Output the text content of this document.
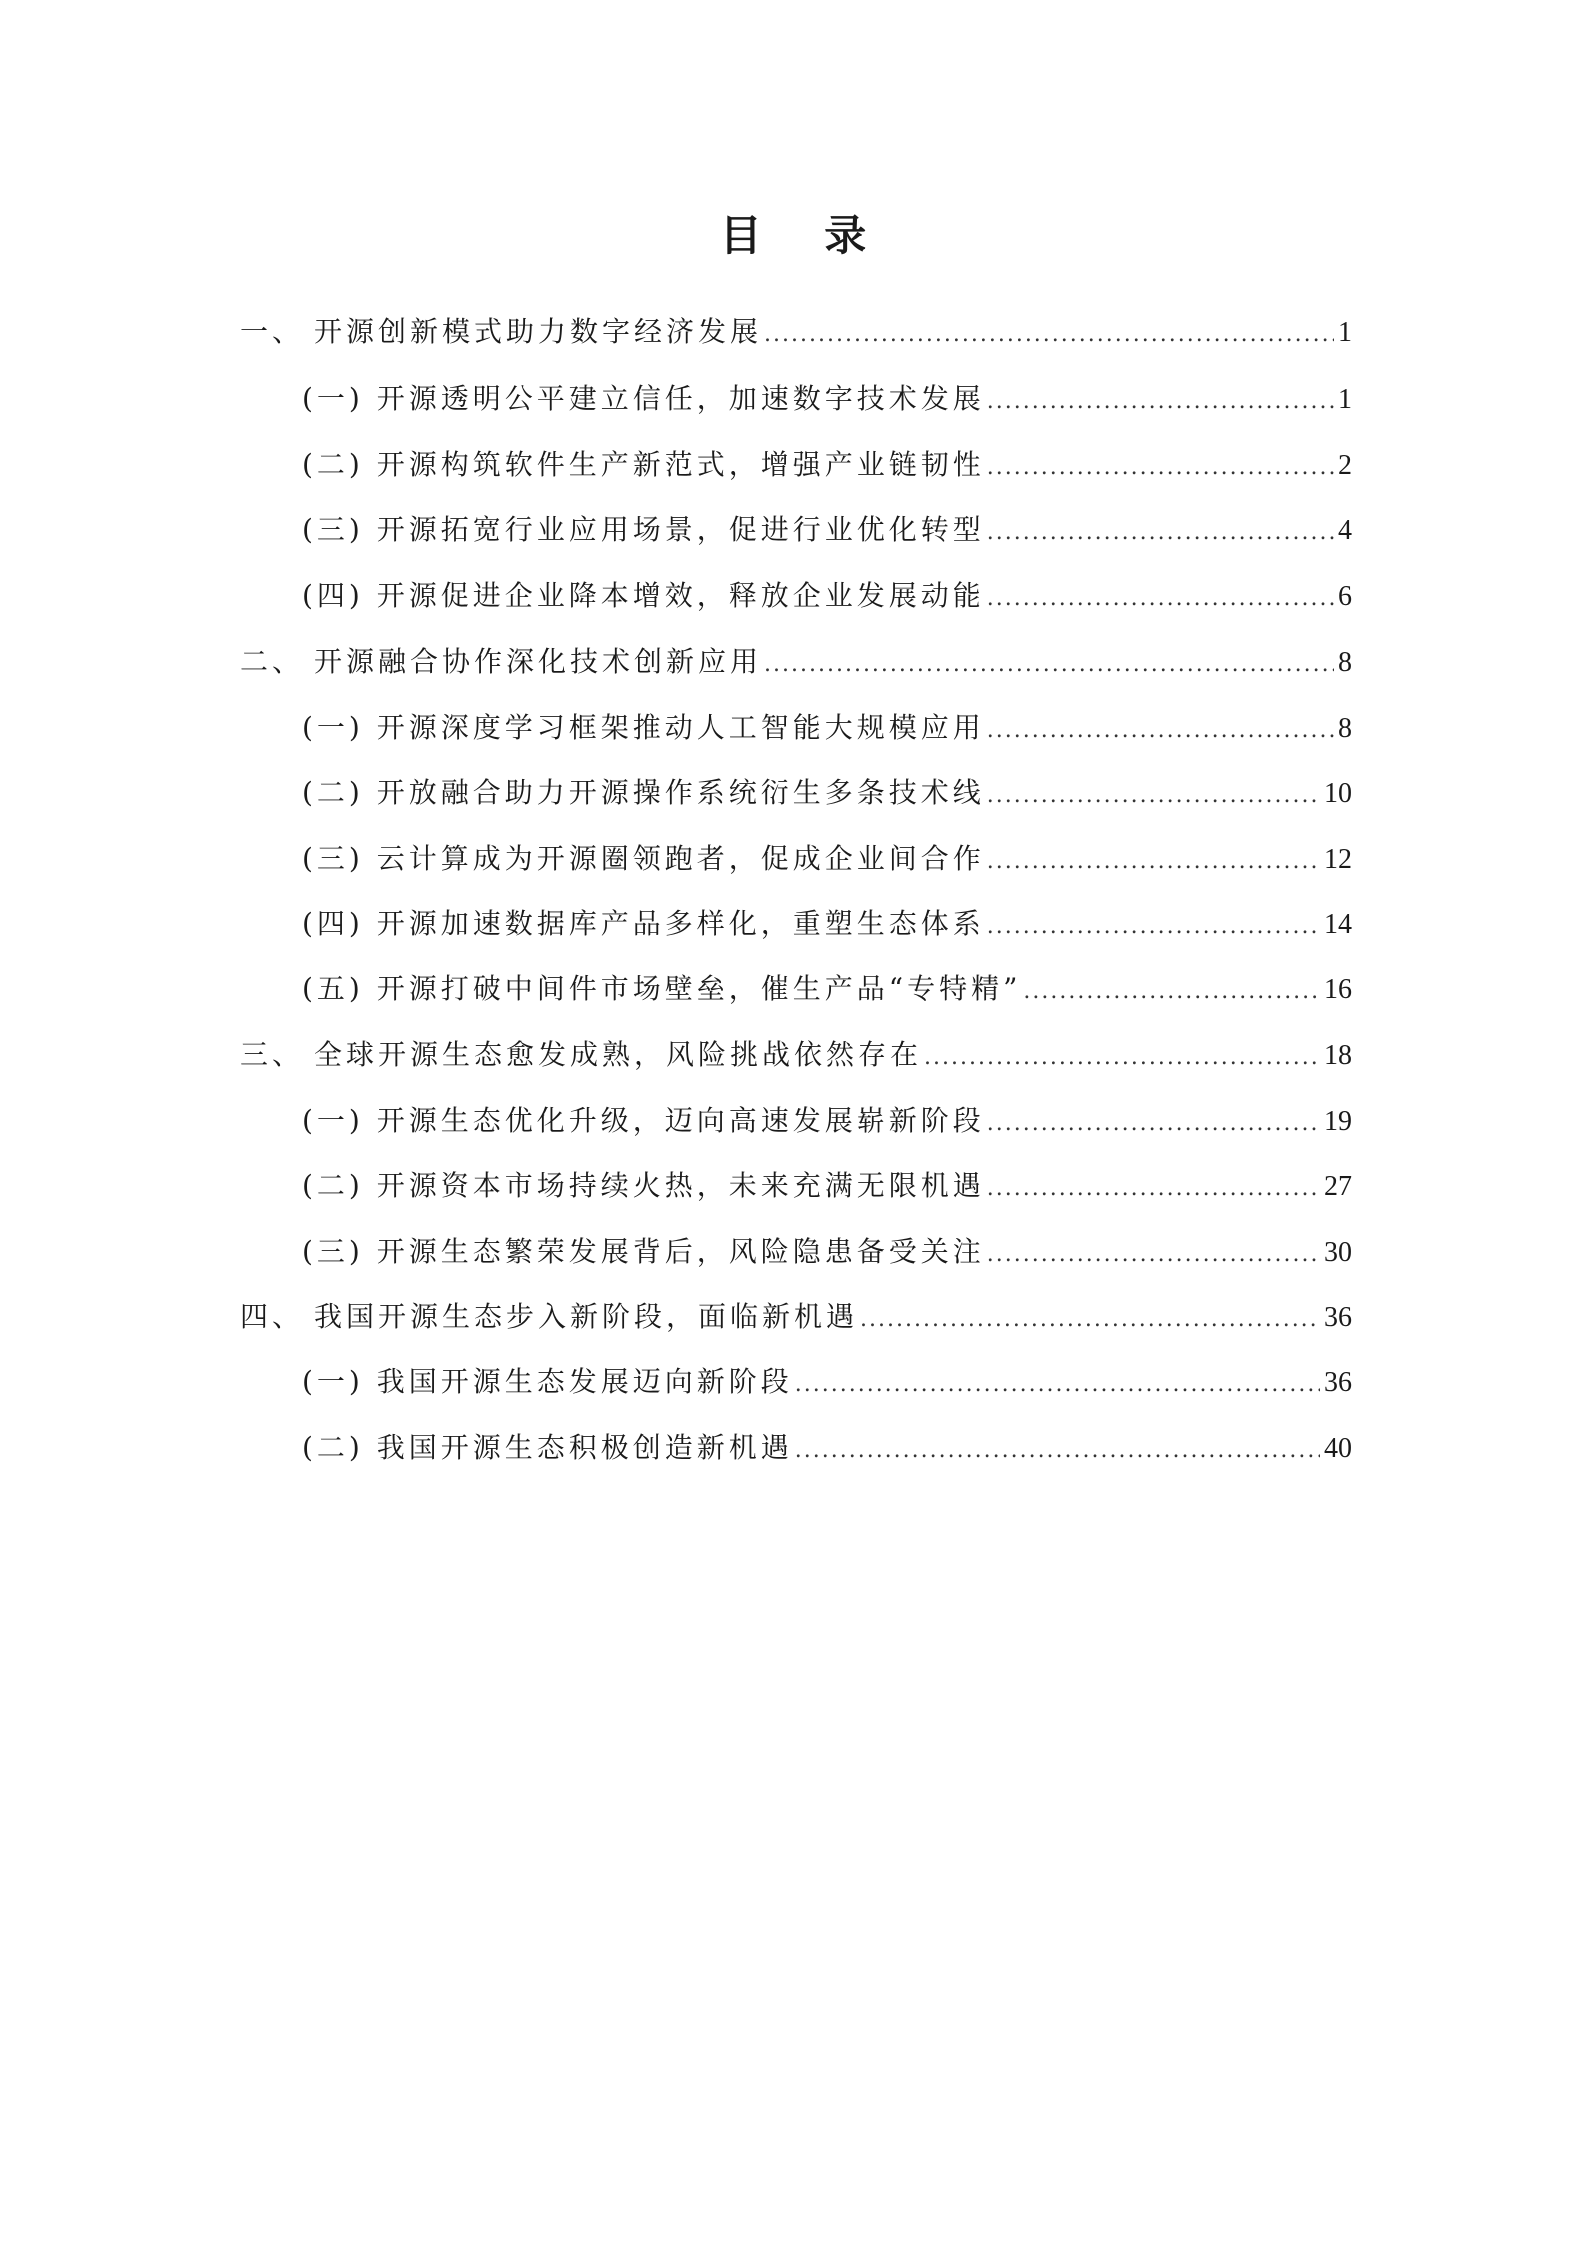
目 录
一、 开源创新模式助力数字经济发展 .....	1
(一) 开源透明公平建立信任，加速数字技术发展 .....	1
(二) 开源构筑软件生产新范式，增强产业链韧性 .....	2
(三) 开源拓宽行业应用场景，促进行业优化转型 .....	4
(四) 开源促进企业降本增效，释放企业发展动能 .....	6
二、 开源融合协作深化技术创新应用 .....	8
(一) 开源深度学习框架推动人工智能大规模应用 .....	8
(二) 开放融合助力开源操作系统衍生多条技术线 .....	10
(三) 云计算成为开源圈领跑者，促成企业间合作 .....	12
(四) 开源加速数据库产品多样化，重塑生态体系 .....	14
(五) 开源打破中间件市场壁垒，催生产品“专特精” .....	16
三、 全球开源生态愈发成熟，风险挑战依然存在 .....	18
(一) 开源生态优化升级，迈向高速发展崭新阶段 .....	19
(二) 开源资本市场持续火热，未来充满无限机遇 .....	27
(三) 开源生态繁荣发展背后，风险隐患备受关注 .....	30
四、 我国开源生态步入新阶段，面临新机遇 .....	36
(一) 我国开源生态发展迈向新阶段 .....	36
(二) 我国开源生态积极创造新机遇 .....	40
